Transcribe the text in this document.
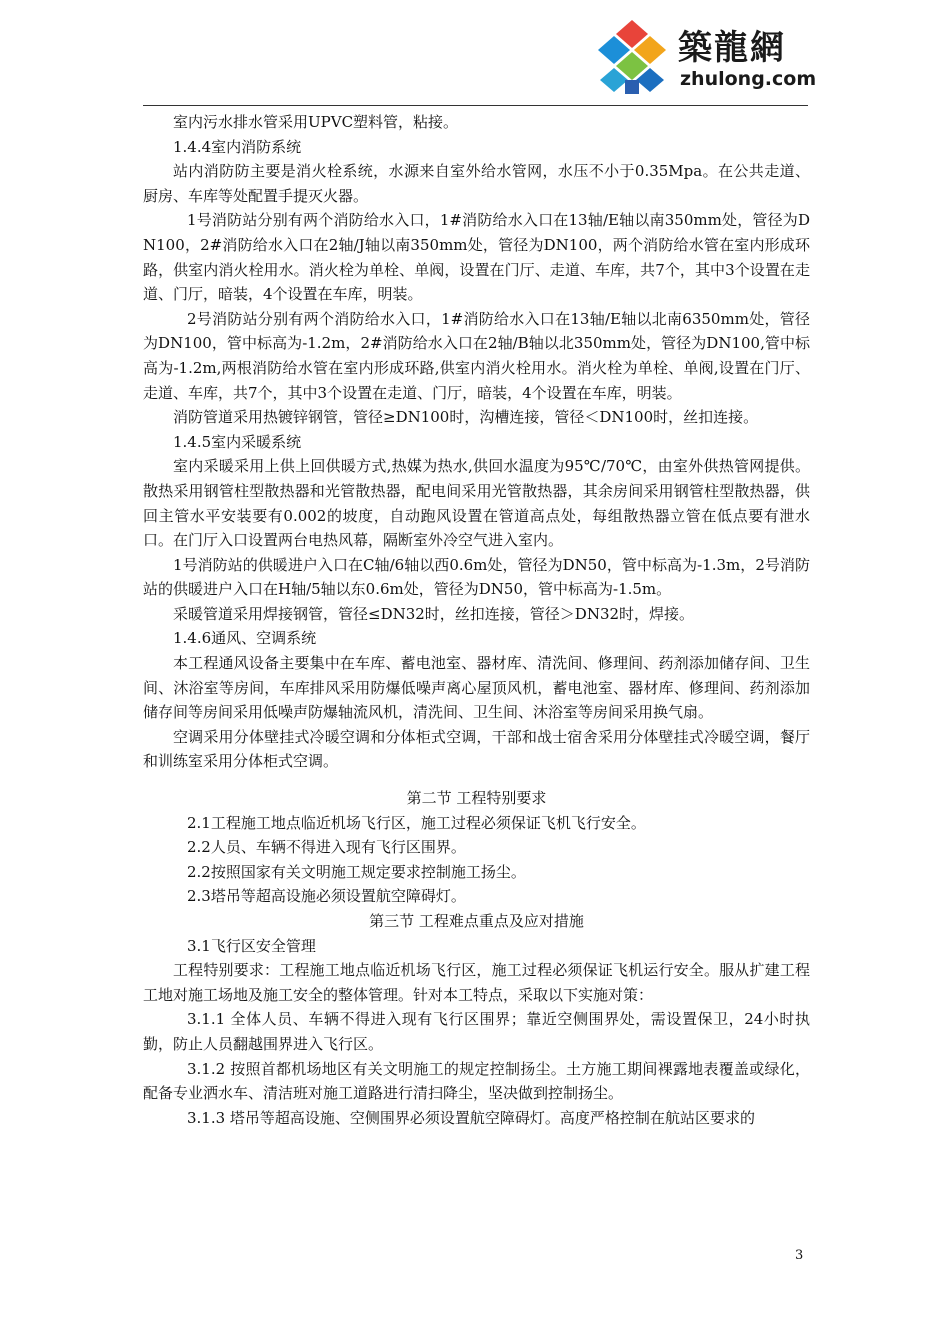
築龍網
zhulong.com

室内污水排水管采用UPVC塑料管，粘接。

1.4.4室内消防系统

站内消防防主要是消火栓系统，水源来自室外给水管网，水压不小于0.35Mpa。在公共走道、厨房、车库等处配置手提灭火器。

1号消防站分别有两个消防给水入口，1#消防给水入口在13轴/E轴以南350mm处，管径为DN100，2#消防给水入口在2轴/J轴以南350mm处，管径为DN100，两个消防给水管在室内形成环路，供室内消火栓用水。消火栓为单栓、单阀，设置在门厅、走道、车库，共7个，其中3个设置在走道、门厅，暗装，4个设置在车库，明装。

2号消防站分别有两个消防给水入口，1#消防给水入口在13轴/E轴以北南6350mm处，管径为DN100，管中标高为-1.2m，2#消防给水入口在2轴/B轴以北350mm处，管径为DN100,管中标高为-1.2m,两根消防给水管在室内形成环路,供室内消火栓用水。消火栓为单栓、单阀,设置在门厅、走道、车库，共7个，其中3个设置在走道、门厅，暗装，4个设置在车库，明装。

消防管道采用热镀锌钢管，管径≥DN100时，沟槽连接，管径＜DN100时，丝扣连接。

1.4.5室内采暖系统

室内采暖采用上供上回供暖方式,热媒为热水,供回水温度为95℃/70℃，由室外供热管网提供。散热采用钢管柱型散热器和光管散热器，配电间采用光管散热器，其余房间采用钢管柱型散热器，供回主管水平安装要有0.002的坡度，自动跑风设置在管道高点处，每组散热器立管在低点要有泄水口。在门厅入口设置两台电热风幕，隔断室外冷空气进入室内。

1号消防站的供暖进户入口在C轴/6轴以西0.6m处，管径为DN50，管中标高为-1.3m，2号消防站的供暖进户入口在H轴/5轴以东0.6m处，管径为DN50，管中标高为-1.5m。

采暖管道采用焊接钢管，管径≤DN32时，丝扣连接，管径＞DN32时，焊接。

1.4.6通风、空调系统

本工程通风设备主要集中在车库、蓄电池室、器材库、清洗间、修理间、药剂添加储存间、卫生间、沐浴室等房间，车库排风采用防爆低噪声离心屋顶风机，蓄电池室、器材库、修理间、药剂添加储存间等房间采用低噪声防爆轴流风机，清洗间、卫生间、沐浴室等房间采用换气扇。

空调采用分体壁挂式冷暖空调和分体柜式空调，干部和战士宿舍采用分体壁挂式冷暖空调，餐厅和训练室采用分体柜式空调。

第二节 工程特别要求

2.1工程施工地点临近机场飞行区，施工过程必须保证飞机飞行安全。

2.2人员、车辆不得进入现有飞行区围界。

2.2按照国家有关文明施工规定要求控制施工扬尘。

2.3塔吊等超高设施必须设置航空障碍灯。

第三节 工程难点重点及应对措施

3.1飞行区安全管理

工程特别要求：工程施工地点临近机场飞行区，施工过程必须保证飞机运行安全。服从扩建工程工地对施工场地及施工安全的整体管理。针对本工特点，采取以下实施对策：

3.1.1 全体人员、车辆不得进入现有飞行区围界；靠近空侧围界处，需设置保卫，24小时执勤，防止人员翻越围界进入飞行区。

3.1.2 按照首都机场地区有关文明施工的规定控制扬尘。土方施工期间裸露地表覆盖或绿化，配备专业洒水车、清洁班对施工道路进行清扫降尘，坚决做到控制扬尘。

3.1.3 塔吊等超高设施、空侧围界必须设置航空障碍灯。高度严格控制在航站区要求的

3
